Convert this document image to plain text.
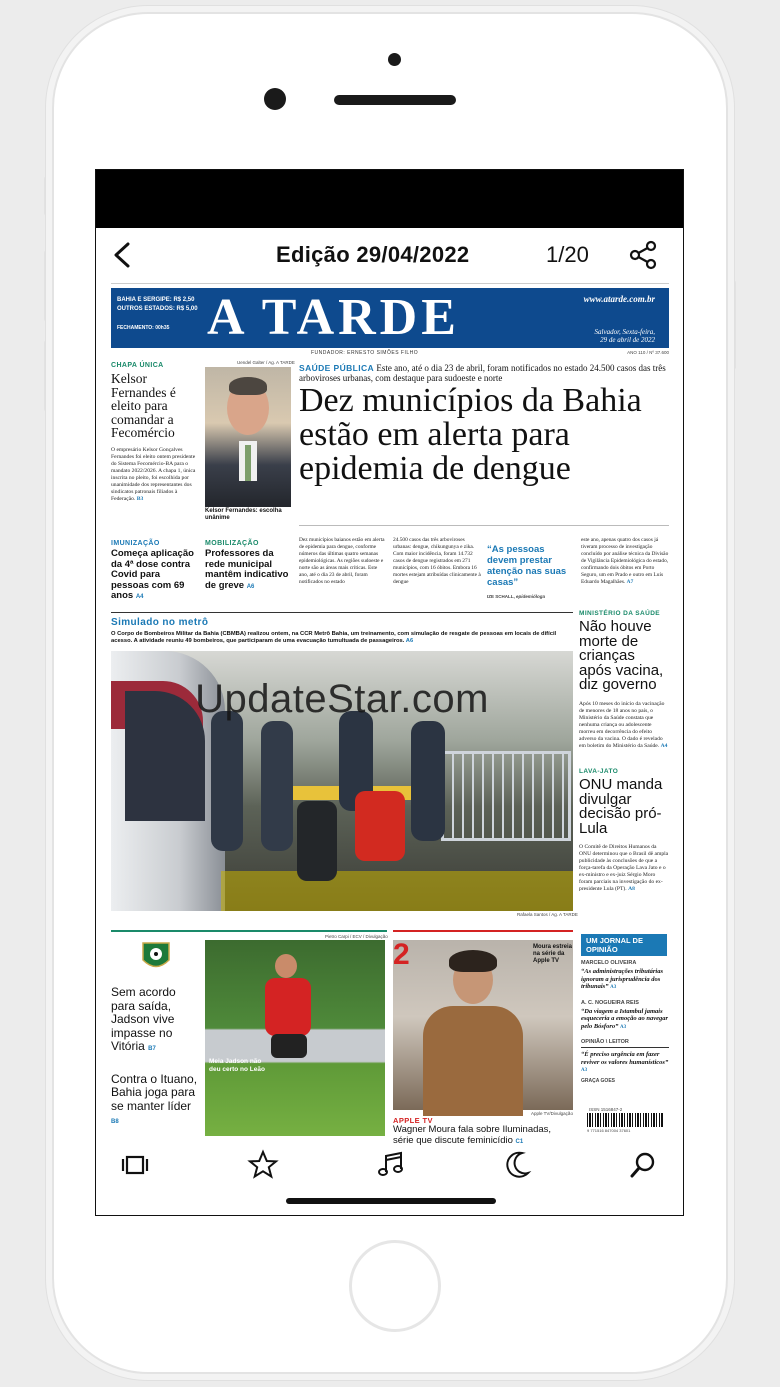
Edição 29/04/2022	1/20
BAHIA E SERGIPE: R$ 2,50
OUTROS ESTADOS: R$ 5,00
FECHAMENTO: 00h35 A TARDE	www.atarde.com.br
Salvador, Sexta-feira,
29 de abril de 2022
FUNDADOR: ERNESTO SIMÕES FILHO	ANO 110 / Nº 37.600
CHAPA ÚNICA
Kelsor Fernandes é eleito para comandar a Fecomércio
O empresário Kelsor Gonçalves Fernandes foi eleito ontem presidente do Sistema Fecomércio-BA para o mandato 2022/2026. A chapa 1, única inscrita no pleito, foi escolhida por unanimidade dos representantes dos sindicatos patronais filiados à Federação. B3
Uendel Galter / Ag. A TARDE
Kelsor Fernandes: escolha unânime
SAÚDE PÚBLICA Este ano, até o dia 23 de abril, foram notificados no estado 24.500 casos das três arboviroses urbanas, com destaque para sudoeste e norte
Dez municípios da Bahia estão em alerta para epidemia de dengue
Dez municípios baianos estão em alerta de epidemia para dengue, conforme números das últimas quatro semanas epidemiológicas. As regiões sudoeste e norte são as áreas mais críticas. Este ano, até o dia 23 de abril, foram notificados no estado
24.500 casos das três arboviroses urbanas: dengue, chikungunya e zika. Com maior incidência, foram 14.732 casos de dengue registrados em 271 municípios, com 16 óbitos. Embora 16 mortes estejam atribuídas clinicamente à dengue
“As pessoas devem prestar atenção nas suas casas”
IZE SCHALL, epidemióloga
este ano, apenas quatro dos casos já tiveram processo de investigação concluído por análise técnica da Divisão de Vigilância Epidemiológica do estado, confirmando dois óbitos em Porto Seguro, um em Prado e outro em Luís Eduardo Magalhães. A7
IMUNIZAÇÃO
Começa aplicação da 4ª dose contra Covid para pessoas com 69 anos A4
MOBILIZAÇÃO
Professores da rede municipal mantêm indicativo de greve A6
Simulado no metrô
O Corpo de Bombeiros Militar da Bahia (CBMBA) realizou ontem, na CCR Metrô Bahia, um treinamento, com simulação de resgate de pessoas em locais de difícil acesso. A atividade reuniu 49 bombeiros, que participaram de uma evacuação tumultuada de passageiros. A6
UpdateStar.com
Rafaela Santos / Ag. A TARDE
MINISTÉRIO DA SAÚDE
Não houve morte de crianças após vacina, diz governo
Após 10 meses do início da vacinação de menores de 18 anos no país, o Ministério da Saúde constata que nenhuma criança ou adolescente morreu em decorrência do efeito adverso da vacina. O dado é revelado em boletim do Ministério da Saúde. A4
LAVA-JATO
ONU manda divulgar decisão pró-Lula
O Comitê de Direitos Humanos da ONU determinou que o Brasil dê ampla publicidade às conclusões de que a força-tarefa da Operação Lava Jato e o ex-ministro e ex-juiz Sérgio Moro foram parciais na investigação do ex-presidente Lula (PT). A8
Sem acordo para saída, Jadson vive impasse no Vitória B7
Contra o Ituano, Bahia joga para se manter líder B8
Pietro Carpi / ECV / Divulgação
Meia Jadson não deu certo no Leão
2	Moura estreia na série da Apple TV
Apple TV/Divulgação
APPLE TV
Wagner Moura fala sobre Iluminadas, série que discute feminicídio C1
UM JORNAL DE OPINIÃO
MARCELO OLIVEIRA
“As administrações tributárias ignoram a jurisprudência dos tribunais” A3
A. C. NOGUEIRA REIS
“Da viagem a Istambul jamais esqueceria a emoção ao navegar pelo Bósforo” A3
OPINIÃO \ LEITOR
“É preciso urgência em fazer reviver os valores humanísticos” A3
GRAÇA GOES
ISSN 1516847-2
9 771516 847004 37601
